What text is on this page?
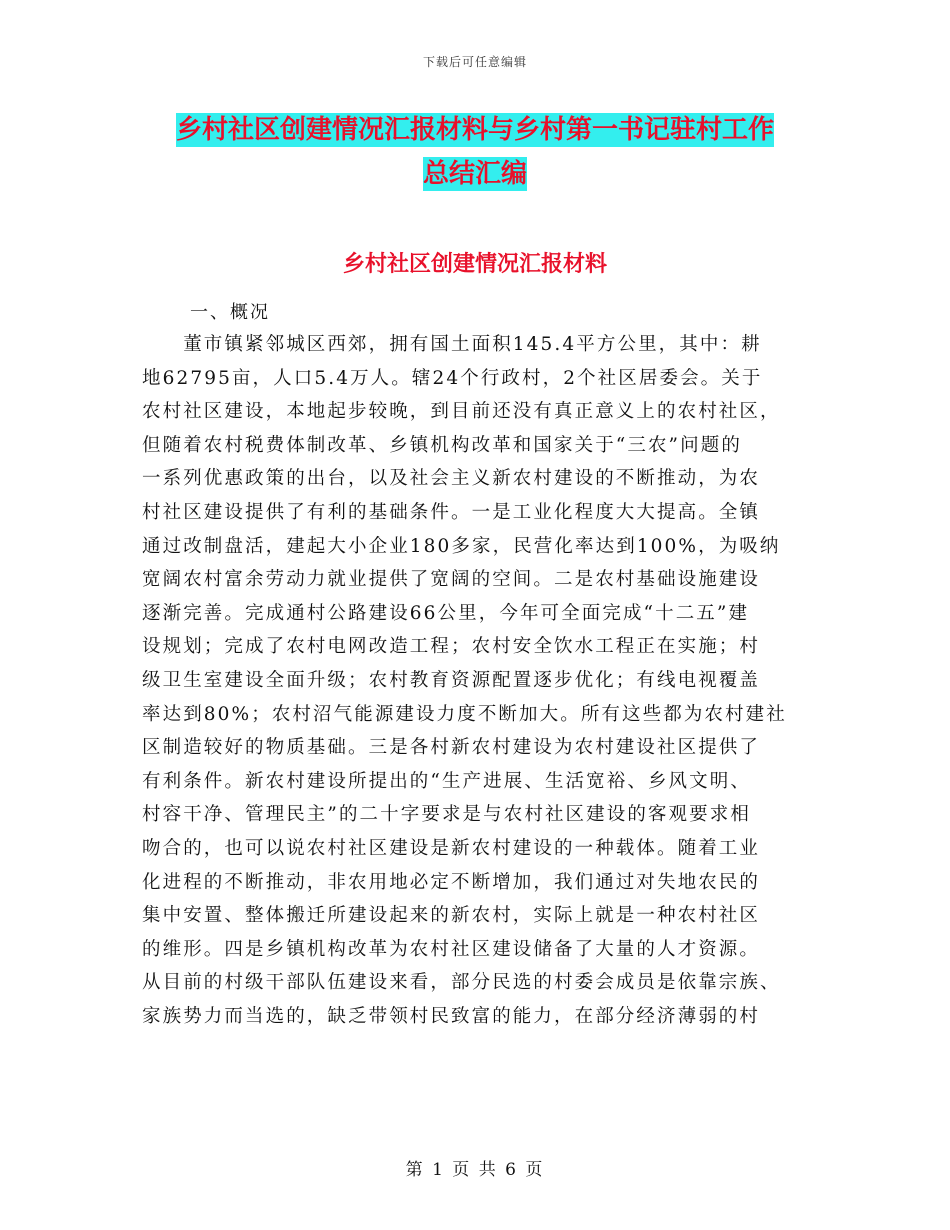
下载后可任意编辑
乡村社区创建情况汇报材料与乡村第一书记驻村工作
总结汇编
乡村社区创建情况汇报材料
一、概况
　　董市镇紧邻城区西郊，拥有国土面积145.4平方公里，其中：耕
地62795亩，人口5.4万人。辖24个行政村，2个社区居委会。关于
农村社区建设，本地起步较晚，到目前还没有真正意义上的农村社区，
但随着农村税费体制改革、乡镇机构改革和国家关于“三农”问题的
一系列优惠政策的出台，以及社会主义新农村建设的不断推动，为农
村社区建设提供了有利的基础条件。一是工业化程度大大提高。全镇
通过改制盘活，建起大小企业180多家，民营化率达到100%，为吸纳
宽阔农村富余劳动力就业提供了宽阔的空间。二是农村基础设施建设
逐渐完善。完成通村公路建设66公里，今年可全面完成“十二五”建
设规划；完成了农村电网改造工程；农村安全饮水工程正在实施；村
级卫生室建设全面升级；农村教育资源配置逐步优化；有线电视覆盖
率达到80%；农村沼气能源建设力度不断加大。所有这些都为农村建社
区制造较好的物质基础。三是各村新农村建设为农村建设社区提供了
有利条件。新农村建设所提出的“生产进展、生活宽裕、乡风文明、
村容干净、管理民主”的二十字要求是与农村社区建设的客观要求相
吻合的，也可以说农村社区建设是新农村建设的一种载体。随着工业
化进程的不断推动，非农用地必定不断增加，我们通过对失地农民的
集中安置、整体搬迁所建设起来的新农村，实际上就是一种农村社区
的维形。四是乡镇机构改革为农村社区建设储备了大量的人才资源。
从目前的村级干部队伍建设来看，部分民选的村委会成员是依靠宗族、
家族势力而当选的，缺乏带领村民致富的能力，在部分经济薄弱的村
第 1 页 共 6 页
